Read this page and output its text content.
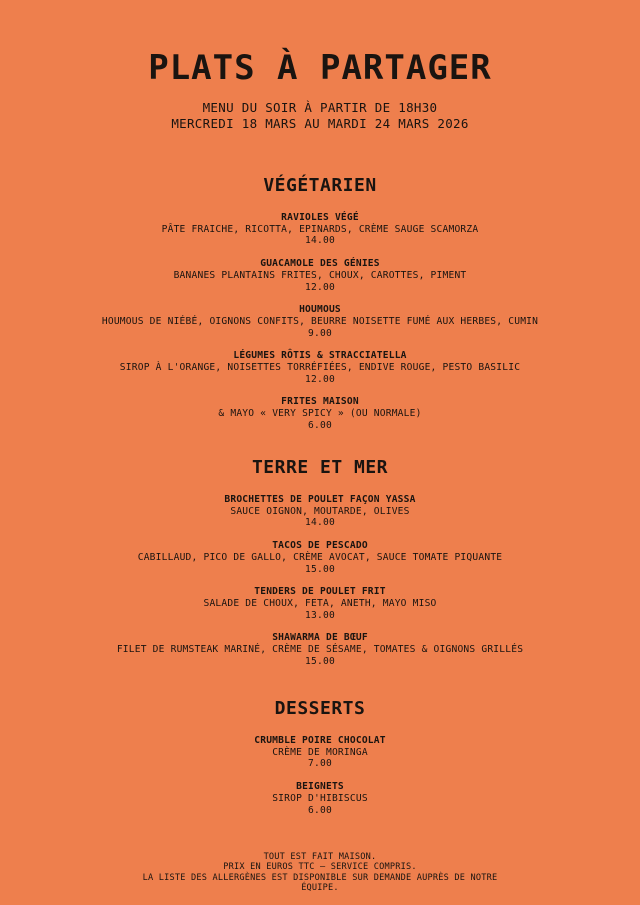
PLATS À PARTAGER
MENU DU SOIR À PARTIR DE 18H30
MERCREDI 18 MARS AU MARDI 24 MARS 2026
VÉGÉTARIEN
RAVIOLES VÉGÉ
PÂTE FRAICHE, RICOTTA, EPINARDS, CRÈME SAUGE SCAMORZA
14.00
GUACAMOLE DES GÉNIES
BANANES PLANTAINS FRITES, CHOUX, CAROTTES, PIMENT
12.00
HOUMOUS
HOUMOUS DE NIÉBÉ, OIGNONS CONFITS, BEURRE NOISETTE FUMÉ AUX HERBES, CUMIN
9.00
LÉGUMES RÔTIS & STRACCIATELLA
SIROP À L'ORANGE, NOISETTES TORRÉFIÉES, ENDIVE ROUGE, PESTO BASILIC
12.00
FRITES MAISON
& MAYO « VERY SPICY » (OU NORMALE)
6.00
TERRE ET MER
BROCHETTES DE POULET FAÇON YASSA
SAUCE OIGNON, MOUTARDE, OLIVES
14.00
TACOS DE PESCADO
CABILLAUD, PICO DE GALLO, CRÈME AVOCAT, SAUCE TOMATE PIQUANTE
15.00
TENDERS DE POULET FRIT
SALADE DE CHOUX, FETA, ANETH, MAYO MISO
13.00
SHAWARMA DE BŒUF
FILET DE RUMSTEAK MARINÉ, CRÈME DE SÉSAME, TOMATES & OIGNONS GRILLÉS
15.00
DESSERTS
CRUMBLE POIRE CHOCOLAT
CRÈME DE MORINGA
7.00
BEIGNETS
SIROP D'HIBISCUS
6.00
TOUT EST FAIT MAISON.
PRIX EN EUROS TTC – SERVICE COMPRIS.
LA LISTE DES ALLERGÈNES EST DISPONIBLE SUR DEMANDE AUPRÈS DE NOTRE
ÉQUIPE.
